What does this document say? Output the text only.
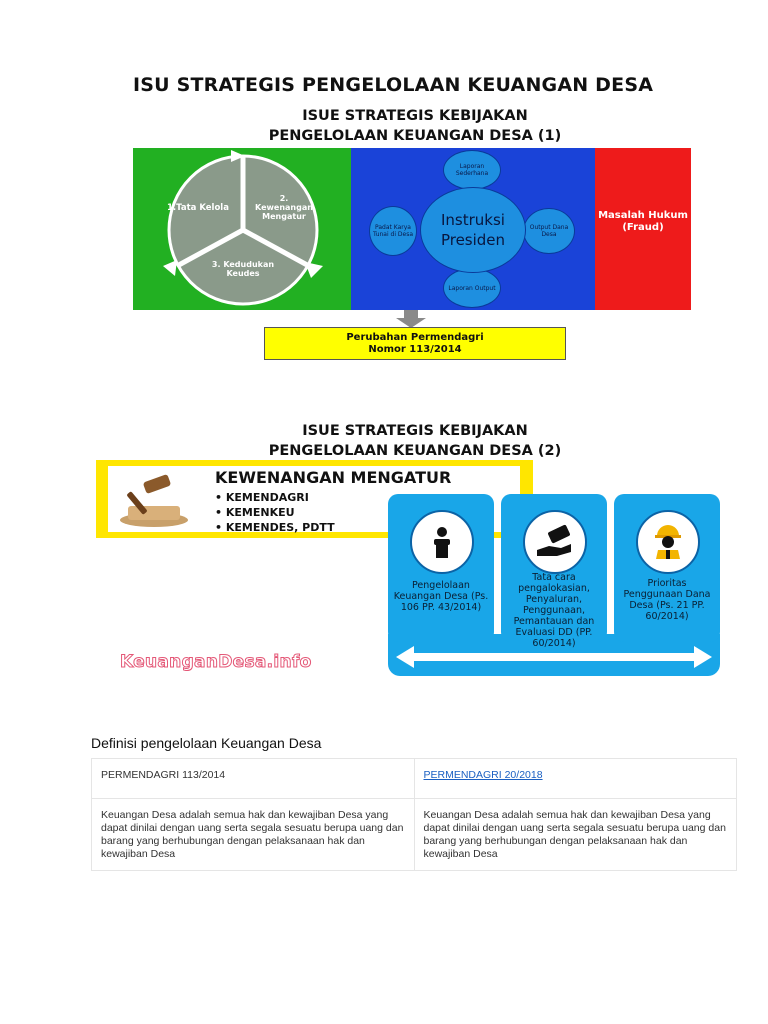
ISU STRATEGIS PENGELOLAAN KEUANGAN DESA
ISUE STRATEGIS KEBIJAKAN
PENGELOLAAN KEUANGAN DESA (1)
1.Tata Kelola
2. Kewenangan Mengatur
3. Kedudukan Keudes
Laporan Sederhana
Padat Karya Tunai di Desa
Output Dana Desa
Laporan Output
Instruksi Presiden
Masalah Hukum (Fraud)
Perubahan Permendagri
Nomor 113/2014
ISUE STRATEGIS KEBIJAKAN
PENGELOLAAN KEUANGAN DESA (2)
KEWENANGAN MENGATUR
• KEMENDAGRI
• KEMENKEU
• KEMENDES, PDTT
Pengelolaan Keuangan Desa (Ps. 106 PP. 43/2014)
Tata cara pengalokasian, Penyaluran, Penggunaan, Pemantauan dan Evaluasi DD (PP. 60/2014)
Prioritas Penggunaan Dana Desa (Ps. 21 PP. 60/2014)
KeuanganDesa.info
Definisi pengelolaan Keuangan Desa
PERMENDAGRI 113/2014	PERMENDAGRI 20/2018
Keuangan Desa adalah semua hak dan kewajiban Desa yang dapat dinilai dengan uang serta segala sesuatu berupa uang dan barang yang berhubungan dengan pelaksanaan hak dan kewajiban Desa	Keuangan Desa adalah semua hak dan kewajiban Desa yang dapat dinilai dengan uang serta segala sesuatu berupa uang dan barang yang berhubungan dengan pelaksanaan hak dan kewajiban Desa
